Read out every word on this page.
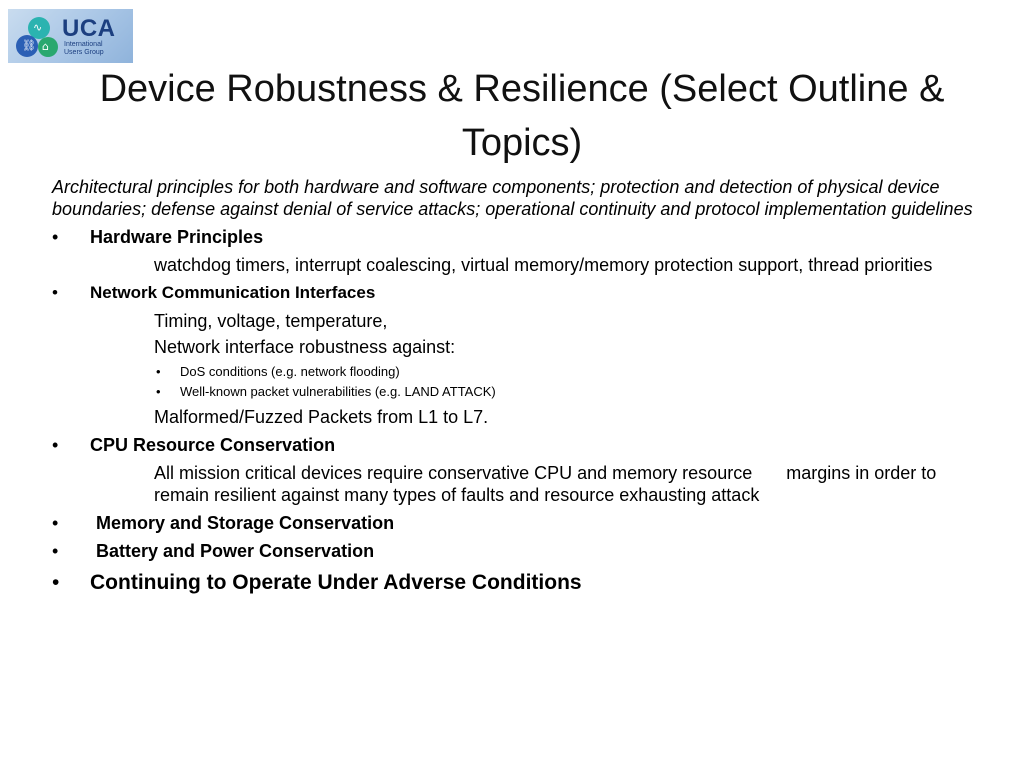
∿
⛓ ⌂
UCA
International
Users Group
Device Robustness & Resilience (Select Outline & Topics)
Architectural principles for both hardware and software components; protection and detection of physical device boundaries; defense against denial of service attacks; operational continuity and protocol implementation guidelines
• Hardware Principles
watchdog timers, interrupt coalescing, virtual memory/memory protection support, thread priorities
• Network Communication Interfaces
Timing, voltage, temperature,
Network interface robustness against:
• DoS conditions (e.g. network flooding)
• Well-known packet vulnerabilities (e.g. LAND ATTACK)
Malformed/Fuzzed Packets from L1 to L7.
• CPU Resource Conservation
All mission critical devices require conservative CPU and memory resource margins in order to remain resilient against many types of faults and resource exhausting attack
• Memory and Storage Conservation
• Battery and Power Conservation
• Continuing to Operate Under Adverse Conditions
